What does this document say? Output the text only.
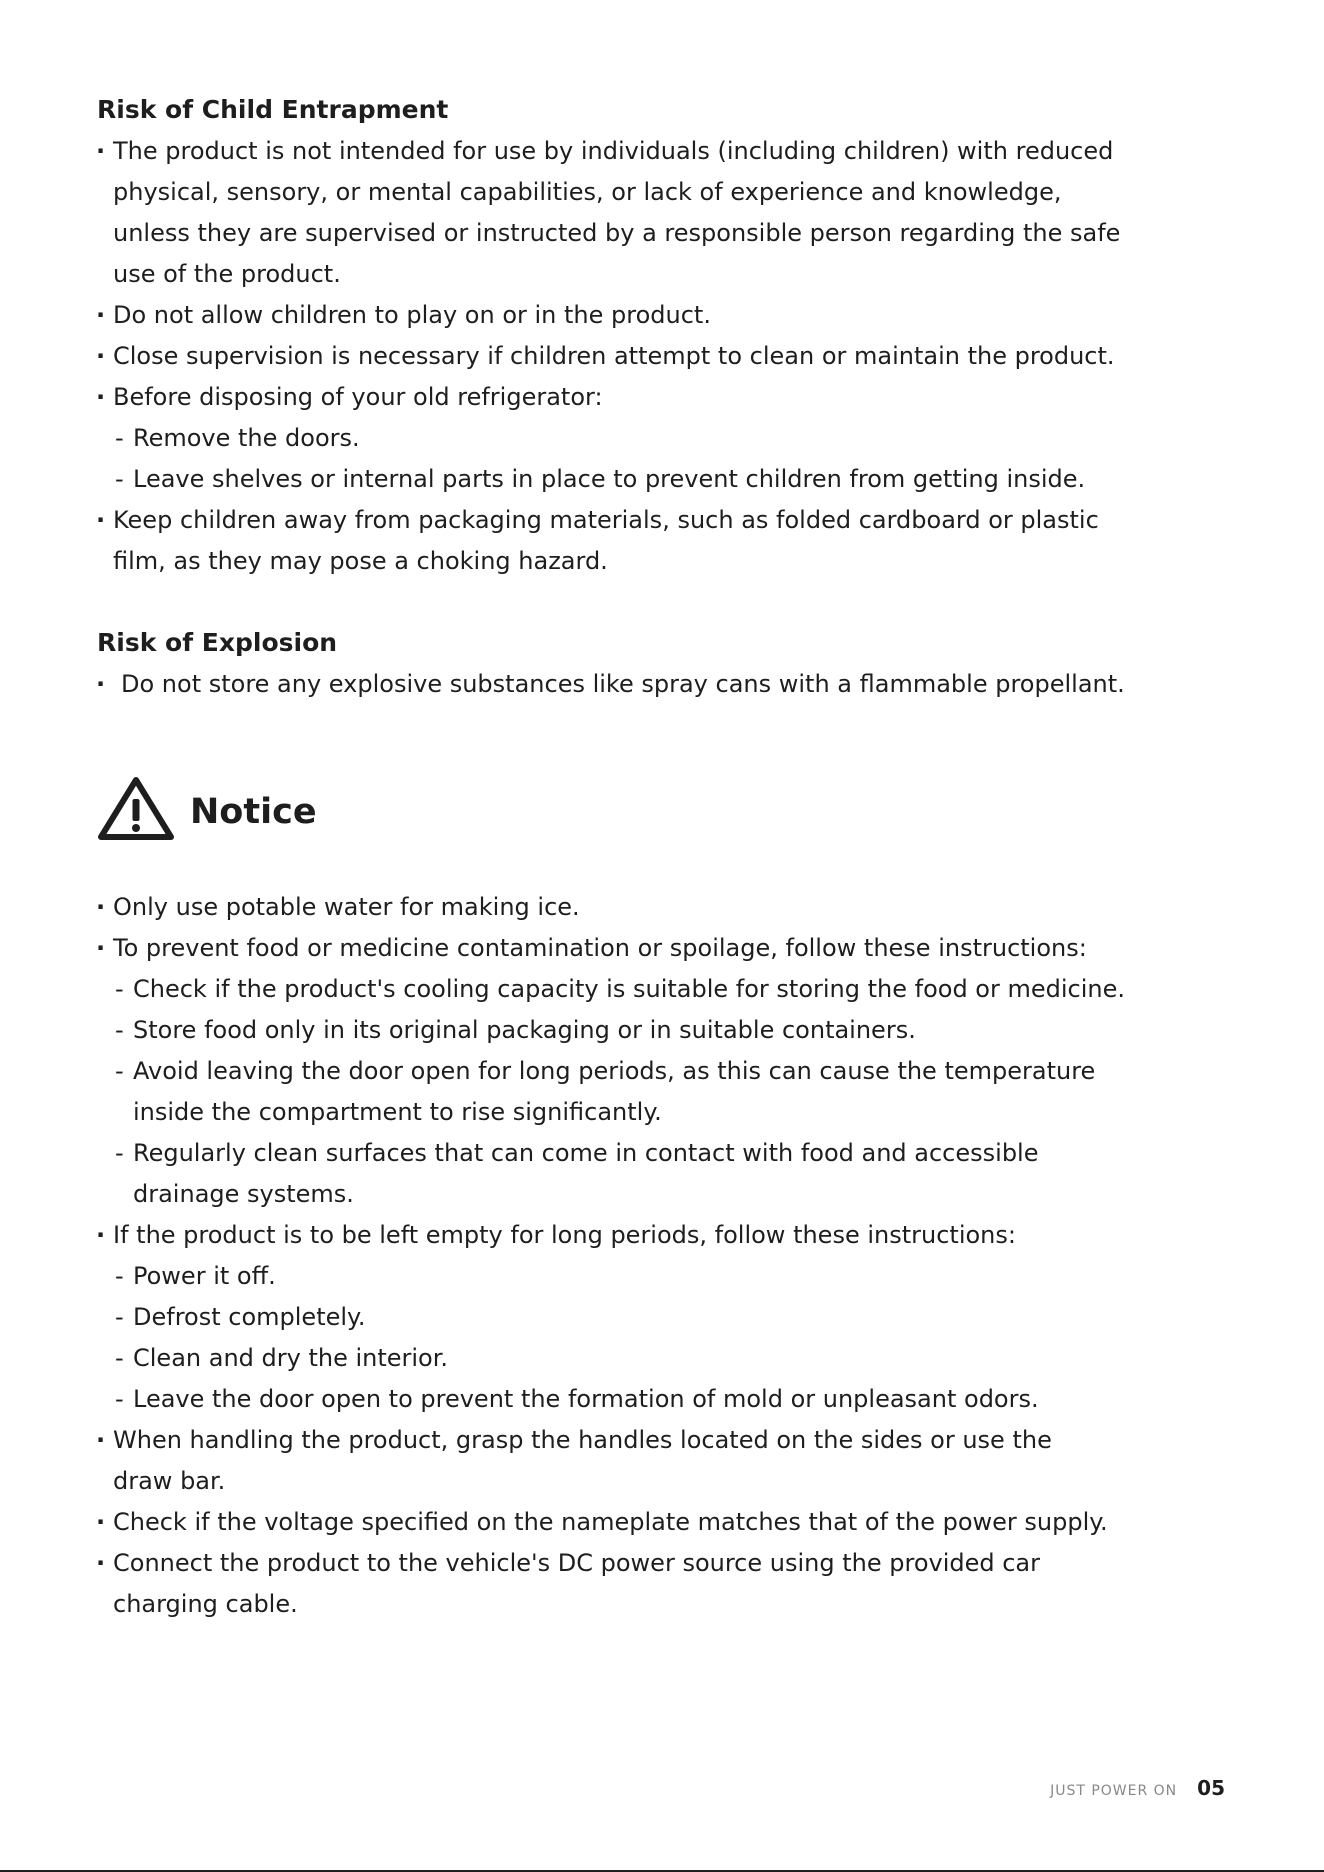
Risk of Child Entrapment
· The product is not intended for use by individuals (including children) with reduced
physical, sensory, or mental capabilities, or lack of experience and knowledge,
unless they are supervised or instructed by a responsible person regarding the safe
use of the product.
· Do not allow children to play on or in the product.
· Close supervision is necessary if children attempt to clean or maintain the product.
· Before disposing of your old refrigerator:
- Remove the doors.
- Leave shelves or internal parts in place to prevent children from getting inside.
· Keep children away from packaging materials, such as folded cardboard or plastic
film, as they may pose a choking hazard.
Risk of Explosion
· Do not store any explosive substances like spray cans with a flammable propellant.
Notice
· Only use potable water for making ice.
· To prevent food or medicine contamination or spoilage, follow these instructions:
- Check if the product's cooling capacity is suitable for storing the food or medicine.
- Store food only in its original packaging or in suitable containers.
- Avoid leaving the door open for long periods, as this can cause the temperature
inside the compartment to rise significantly.
- Regularly clean surfaces that can come in contact with food and accessible
drainage systems.
· If the product is to be left empty for long periods, follow these instructions:
- Power it off.
- Defrost completely.
- Clean and dry the interior.
- Leave the door open to prevent the formation of mold or unpleasant odors.
· When handling the product, grasp the handles located on the sides or use the
draw bar.
· Check if the voltage specified on the nameplate matches that of the power supply.
· Connect the product to the vehicle's DC power source using the provided car
charging cable.
JUST POWER ON 05
